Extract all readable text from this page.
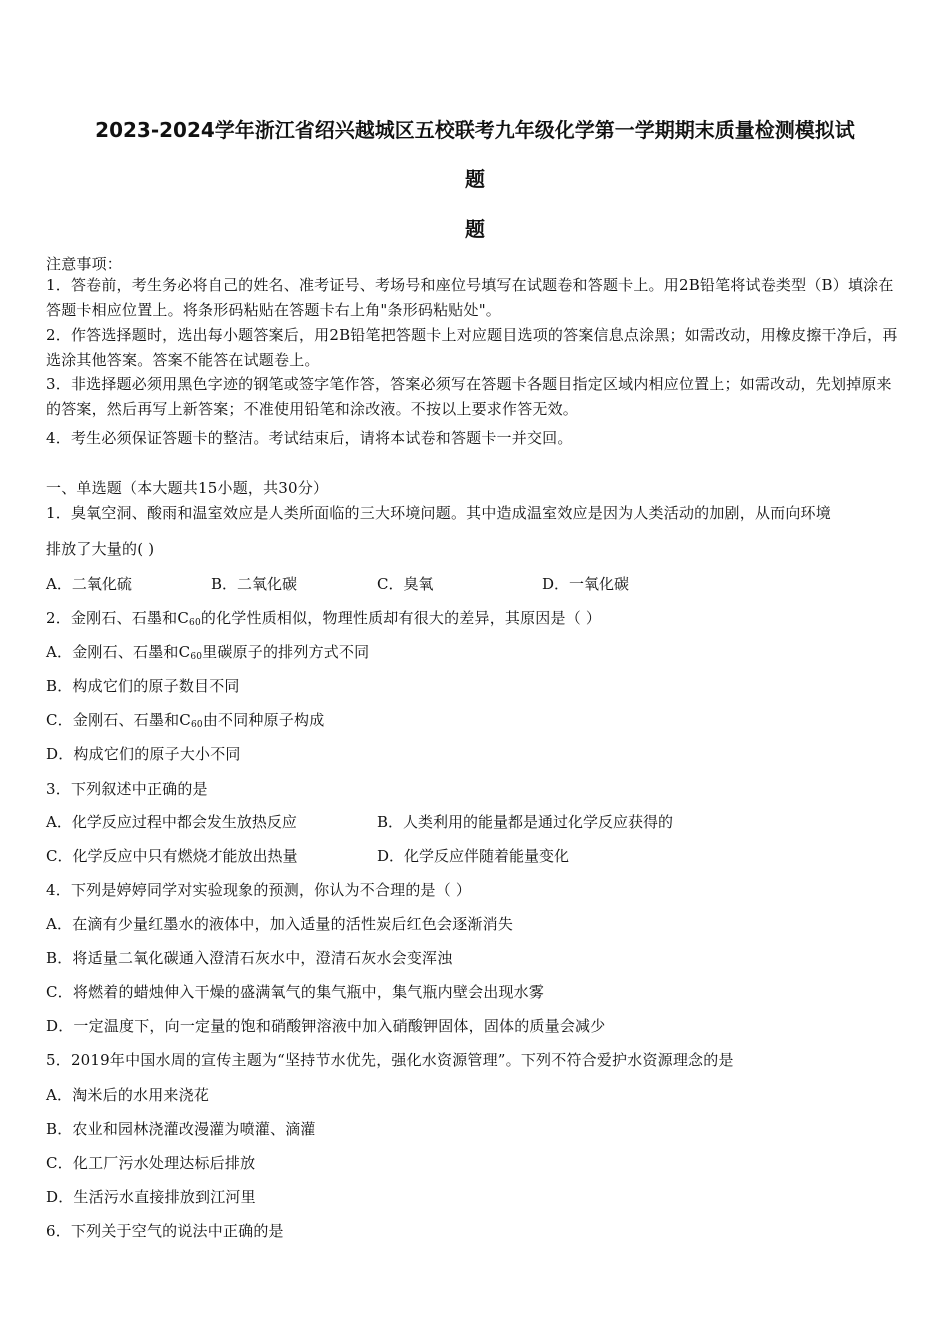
2023-2024学年浙江省绍兴越城区五校联考九年级化学第一学期期末质量检测模拟试
题
题
注意事项：
1．答卷前，考生务必将自己的姓名、准考证号、考场号和座位号填写在试题卷和答题卡上。用2B铅笔将试卷类型（B）填涂在答题卡相应位置上。将条形码粘贴在答题卡右上角"条形码粘贴处"。
2．作答选择题时，选出每小题答案后，用2B铅笔把答题卡上对应题目选项的答案信息点涂黑；如需改动，用橡皮擦干净后，再选涂其他答案。答案不能答在试题卷上。
3．非选择题必须用黑色字迹的钢笔或签字笔作答，答案必须写在答题卡各题目指定区域内相应位置上；如需改动，先划掉原来的答案，然后再写上新答案；不准使用铅笔和涂改液。不按以上要求作答无效。
4．考生必须保证答题卡的整洁。考试结束后，请将本试卷和答题卡一并交回。
一、单选题（本大题共15小题，共30分）
1．臭氧空洞、酸雨和温室效应是人类所面临的三大环境问题。其中造成温室效应是因为人类活动的加剧，从而向环境
排放了大量的( )
A．二氧化硫	B．二氧化碳	C．臭氧	D．一氧化碳
2．金刚石、石墨和$C_{60}$的化学性质相似，物理性质却有很大的差异，其原因是（ ）
A．金刚石、石墨和$C_{60}$里碳原子的排列方式不同
B．构成它们的原子数目不同
C．金刚石、石墨和$C_{60}$由不同种原子构成
D．构成它们的原子大小不同
3．下列叙述中正确的是
A．化学反应过程中都会发生放热反应	B．人类利用的能量都是通过化学反应获得的
C．化学反应中只有燃烧才能放出热量	D．化学反应伴随着能量变化
4．下列是婷婷同学对实验现象的预测，你认为不合理的是（ ）
A．在滴有少量红墨水的液体中，加入适量的活性炭后红色会逐渐消失
B．将适量二氧化碳通入澄清石灰水中，澄清石灰水会变浑浊
C．将燃着的蜡烛伸入干燥的盛满氧气的集气瓶中，集气瓶内壁会出现水雾
D．一定温度下，向一定量的饱和硝酸钾溶液中加入硝酸钾固体，固体的质量会减少
5．2019年中国水周的宣传主题为“坚持节水优先，强化水资源管理”。下列不符合爱护水资源理念的是
A．淘米后的水用来浇花
B．农业和园林浇灌改漫灌为喷灌、滴灌
C．化工厂污水处理达标后排放
D．生活污水直接排放到江河里
6．下列关于空气的说法中正确的是
